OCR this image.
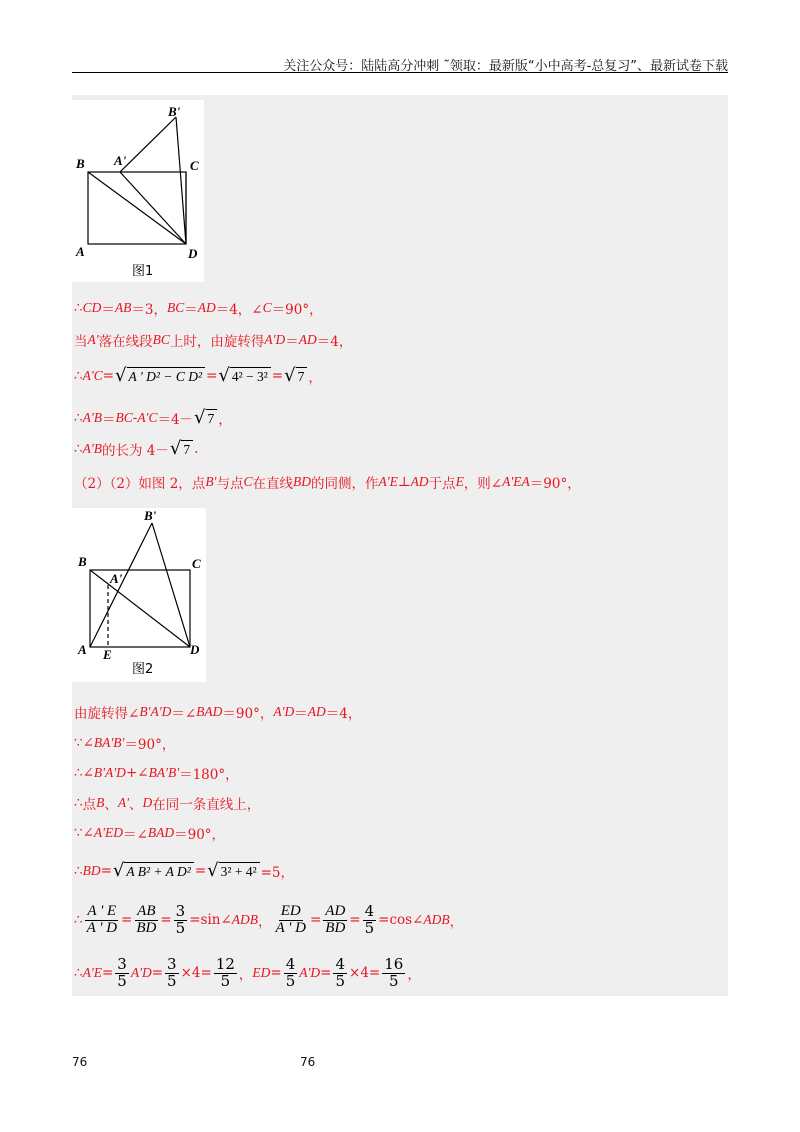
关注公众号：陆陆高分冲刺 ˜领取：最新版“小中高考-总复习”、最新试卷下载
B'
A'
B	C
A	D
图1
B'
A'
B	C
A E	D
图2
∴ CD ＝ AB ＝3， BC ＝ AD ＝4，∠ C ＝90°，
当 A' 落在线段 BC 上时，由旋转得 A'D ＝ AD ＝4，
∴ A'C = √ A ' D² − C D² = √ 4² − 3² = √ 7 ，
∴ A'B ＝ BC - A'C ＝4－ √ 7 ，
∴ A'B 的长为 4－ √ 7 .
（2）（2）如图 2，点 B' 与点 C 在直线 BD 的同侧，作 A'E ⊥ AD 于点 E ，则∠ A'EA ＝90°，
由旋转得∠ B'A'D ＝∠ BAD ＝90°， A'D ＝ AD ＝4，
∵ ∠ BA'B' ＝90°，
∴ ∠ B'A'D +∠ BA'B' ＝180°，
∴ 点 B 、 A' 、 D 在同一条直线上，
∵ ∠ A'ED ＝∠ BAD ＝90°，
∴ BD = √ A B² + A D² = √ 3² + 4² =5，
∴ $\frac{A ' E}{A ' D} = \frac{AB}{BD} = \frac{3}{5}$ =sin∠ ADB ， $\frac{ED}{A ' D} = \frac{AD}{BD} = \frac{4}{5}$ =cos∠ ADB ，
∴ $A'E = \frac{3}{5} A'D = \frac{3}{5} \times 4= \frac{12}{5}$ ， ED = $\frac{4}{5} A'D = \frac{4}{5} \times 4= \frac{16}{5}$ ，
76	76
